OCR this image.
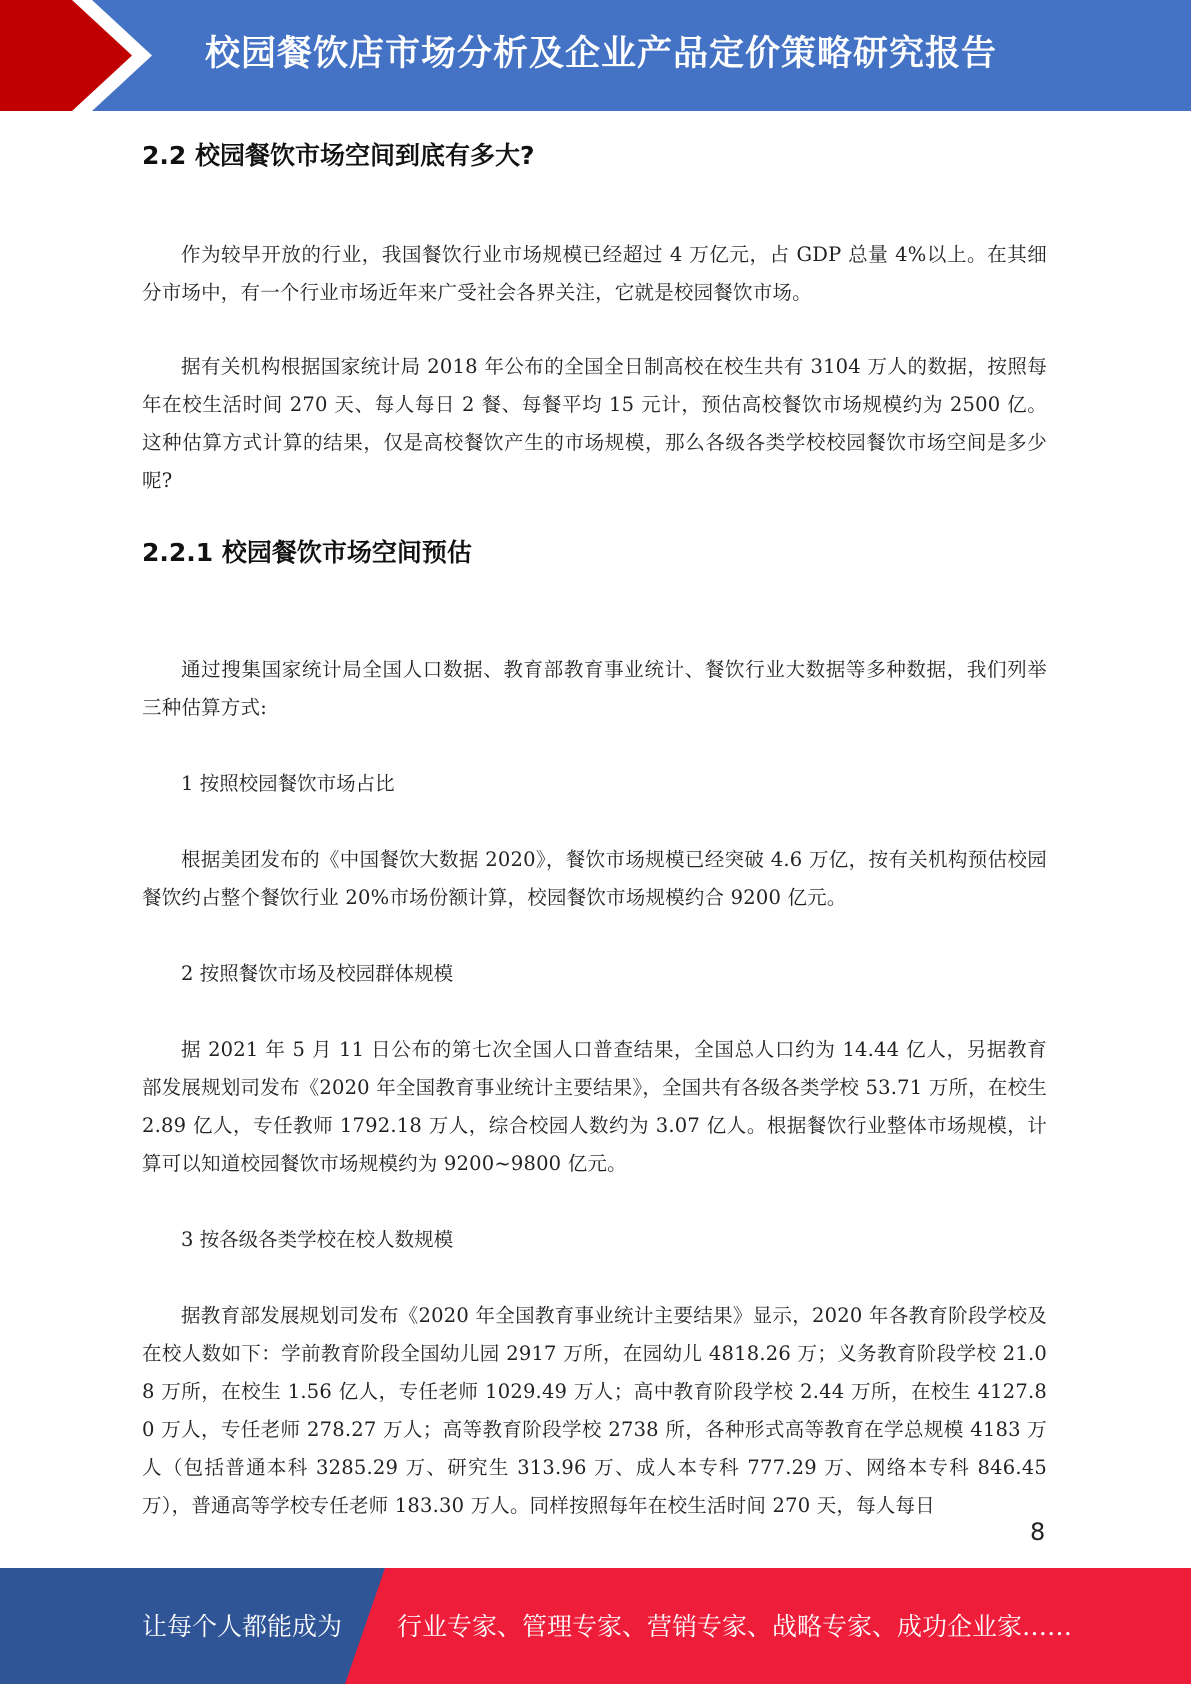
校园餐饮店市场分析及企业产品定价策略研究报告
2.2 校园餐饮市场空间到底有多大?

作为较早开放的行业，我国餐饮行业市场规模已经超过 4 万亿元，占 GDP 总量 4%以上。在其细分市场中，有一个行业市场近年来广受社会各界关注，它就是校园餐饮市场。

据有关机构根据国家统计局 2018 年公布的全国全日制高校在校生共有 3104 万人的数据，按照每年在校生活时间 270 天、每人每日 2 餐、每餐平均 15 元计，预估高校餐饮市场规模约为 2500 亿。这种估算方式计算的结果，仅是高校餐饮产生的市场规模，那么各级各类学校校园餐饮市场空间是多少呢?

2.2.1 校园餐饮市场空间预估

通过搜集国家统计局全国人口数据、教育部教育事业统计、餐饮行业大数据等多种数据，我们列举三种估算方式:

1 按照校园餐饮市场占比

根据美团发布的《中国餐饮大数据 2020》，餐饮市场规模已经突破 4.6 万亿，按有关机构预估校园餐饮约占整个餐饮行业 20%市场份额计算，校园餐饮市场规模约合 9200 亿元。

2 按照餐饮市场及校园群体规模

据 2021 年 5 月 11 日公布的第七次全国人口普查结果，全国总人口约为 14.44 亿人，另据教育部发展规划司发布《2020 年全国教育事业统计主要结果》，全国共有各级各类学校 53.71 万所，在校生 2.89 亿人，专任教师 1792.18 万人，综合校园人数约为 3.07 亿人。根据餐饮行业整体市场规模，计算可以知道校园餐饮市场规模约为 9200~9800 亿元。

3 按各级各类学校在校人数规模

据教育部发展规划司发布《2020 年全国教育事业统计主要结果》显示，2020 年各教育阶段学校及在校人数如下：学前教育阶段全国幼儿园 2917 万所，在园幼儿 4818.26 万；义务教育阶段学校 21.08 万所，在校生 1.56 亿人，专任老师 1029.49 万人；高中教育阶段学校 2.44 万所，在校生 4127.80 万人，专任老师 278.27 万人；高等教育阶段学校 2738 所，各种形式高等教育在学总规模 4183 万人（包括普通本科 3285.29 万、研究生 313.96 万、成人本专科 777.29 万、网络本专科 846.45 万），普通高等学校专任老师 183.30 万人。同样按照每年在校生活时间 270 天，每人每日

8
让每个人都能成为 行业专家、管理专家、营销专家、战略专家、成功企业家……
